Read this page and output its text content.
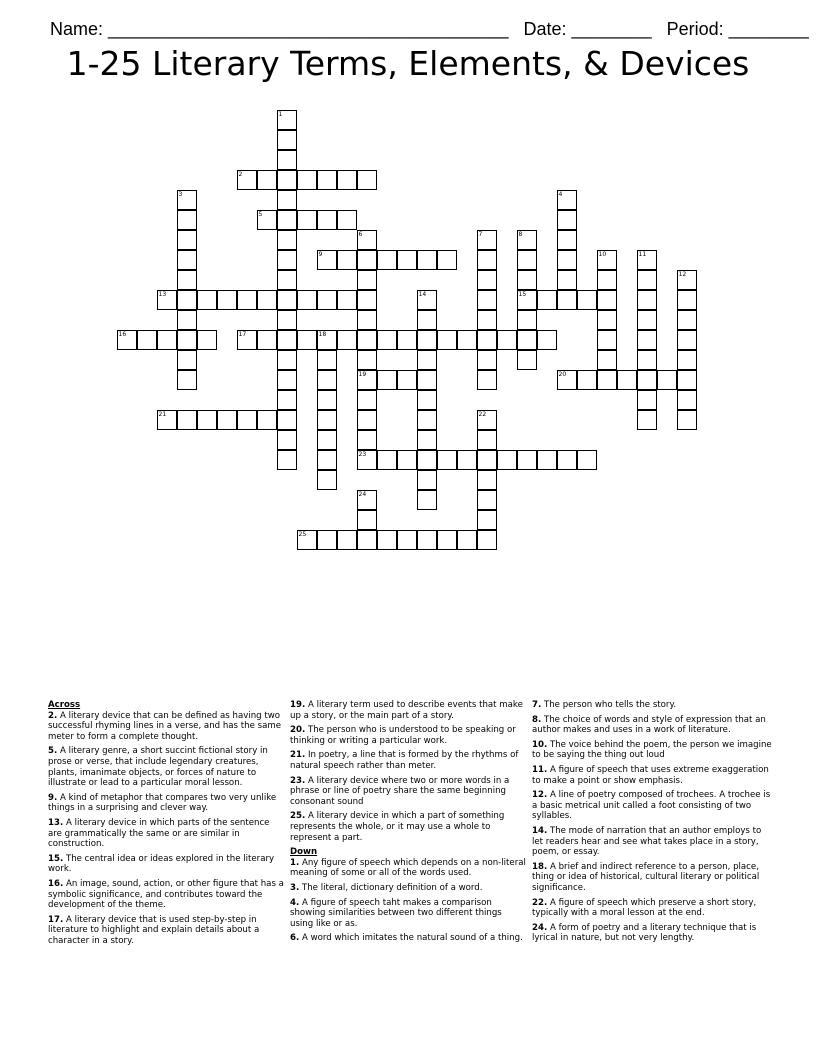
Name: ________________________________________ Date: ________ Period: ________

1-25 Literary Terms, Elements, & Devices
1
2
3	4
5
6
19
23
7	8
15
9	10	11
12
13	14
16	17	18
20
21	22
24
25
Across

2. A literary device that can be defined as having two successful rhyming lines in a verse, and has the same meter to form a complete thought.

5. A literary genre, a short succint fictional story in prose or verse, that include legendary creatures, plants, imanimate objects, or forces of nature to illustrate or lead to a particular moral lesson.

9. A kind of metaphor that compares two very unlike things in a surprising and clever way.

13. A literary device in which parts of the sentence are grammatically the same or are similar in construction.

15. The central idea or ideas explored in the literary work.

16. An image, sound, action, or other figure that has a symbolic significance, and contributes toward the development of the theme.

17. A literary device that is used step-by-step in literature to highlight and explain details about a character in a story.

19. A literary term used to describe events that make up a story, or the main part of a story.

20. The person who is understood to be speaking or thinking or writing a particular work.

21. In poetry, a line that is formed by the rhythms of natural speech rather than meter.

23. A literary device where two or more words in a phrase or line of poetry share the same beginning consonant sound

25. A literary device in which a part of something represents the whole, or it may use a whole to represent a part.

Down

1. Any figure of speech which depends on a non-literal meaning of some or all of the words used.

3. The literal, dictionary definition of a word.

4. A figure of speech taht makes a comparison showing similarities between two different things using like or as.

6. A word which imitates the natural sound of a thing.

7. The person who tells the story.

8. The choice of words and style of expression that an author makes and uses in a work of literature.

10. The voice behind the poem, the person we imagine to be saying the thing out loud

11. A figure of speech that uses extreme exaggeration to make a point or show emphasis.

12. A line of poetry composed of trochees. A trochee is a basic metrical unit called a foot consisting of two syllables.

14. The mode of narration that an author employs to let readers hear and see what takes place in a story, poem, or essay.

18. A brief and indirect reference to a person, place, thing or idea of historical, cultural literary or political significance.

22. A figure of speech which preserve a short story, typically with a moral lesson at the end.

24. A form of poetry and a literary technique that is lyrical in nature, but not very lengthy.
